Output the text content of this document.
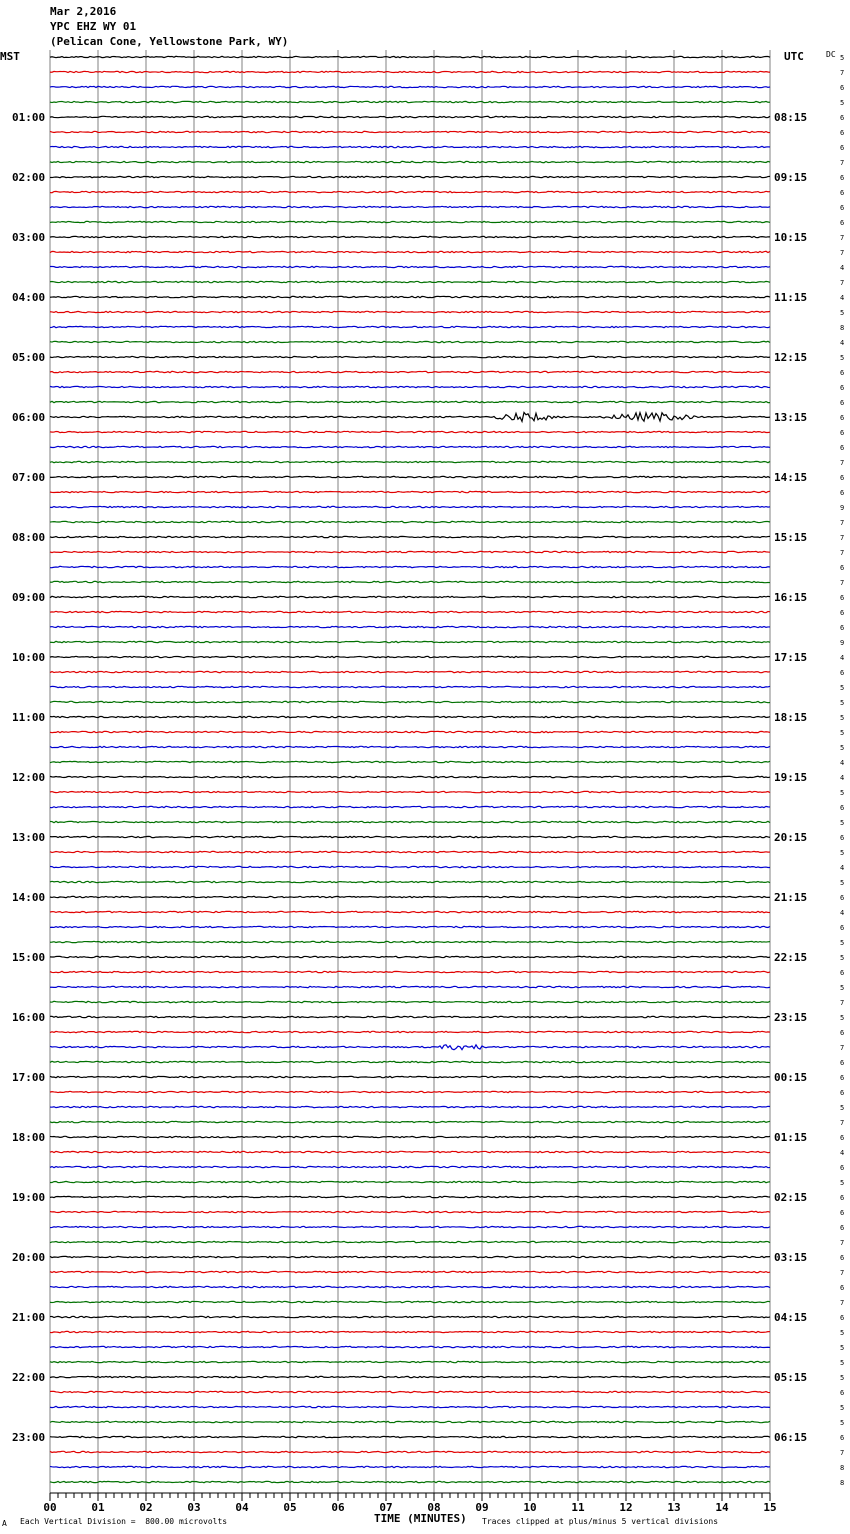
Mar 2,2016
YPC EHZ WY 01
(Pelican Cone, Yellowstone Park, WY)
MST	UTC	DC 5
7
6
5
6
6
6
7
6
6
6
6
7
7
4
7
4
5
8
4
5
6
6
6
6
6
6
7
6
6
9
7
7
7
6
7
6
6
6
9
4
6
5
5
5
5
5
4
4
5
6
5
6
5
4
5
6
4
6
5
5
6
5
7
5
6
7
6
6
6
5
7
6
4
6
5
6
6
6
7
6
7
6
7
6
5
5
5
5
6
5
5
6
7
8
8
01:00	08:15
02:00	09:15
03:00	10:15
04:00	11:15
05:00	12:15
06:00	13:15
07:00	14:15
08:00	15:15
09:00	16:15
10:00	17:15
11:00	18:15
12:00	19:15
13:00	20:15
14:00	21:15
15:00	22:15
16:00	23:15
17:00	00:15
18:00	01:15
19:00	02:15
20:00	03:15
21:00	04:15
22:00	05:15
23:00	06:15
00	01	02	03	04	05	06	07	08	09	10	11	12	13	14	15
A Each Vertical Division =  800.00 microvolts	TIME (MINUTES) Traces clipped at plus/minus 5 vertical divisions
